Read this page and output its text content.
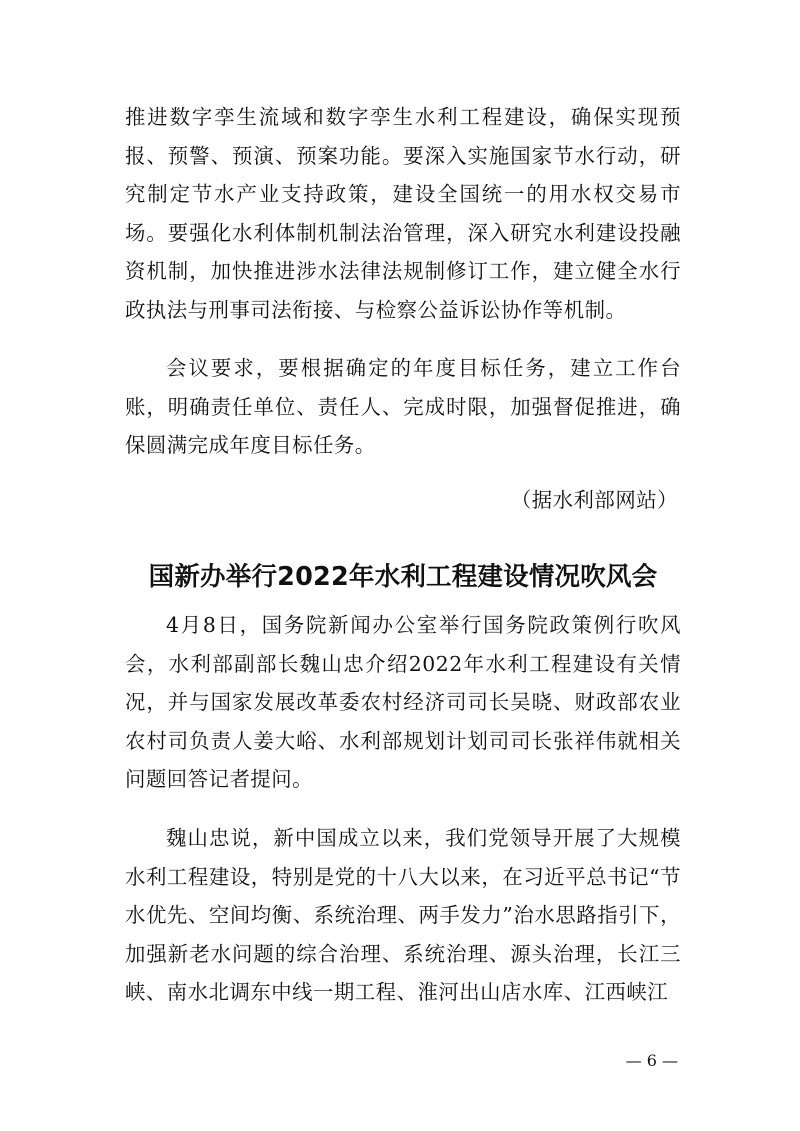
推进数字孪生流域和数字孪生水利工程建设，确保实现预报、预警、预演、预案功能。要深入实施国家节水行动，研究制定节水产业支持政策，建设全国统一的用水权交易市场。要强化水利体制机制法治管理，深入研究水利建设投融资机制，加快推进涉水法律法规制修订工作，建立健全水行政执法与刑事司法衔接、与检察公益诉讼协作等机制。

会议要求，要根据确定的年度目标任务，建立工作台账，明确责任单位、责任人、完成时限，加强督促推进，确保圆满完成年度目标任务。

（据水利部网站）

国新办举行2022年水利工程建设情况吹风会

4月8日，国务院新闻办公室举行国务院政策例行吹风会，水利部副部长魏山忠介绍2022年水利工程建设有关情况，并与国家发展改革委农村经济司司长吴晓、财政部农业农村司负责人姜大峪、水利部规划计划司司长张祥伟就相关问题回答记者提问。

魏山忠说，新中国成立以来，我们党领导开展了大规模水利工程建设，特别是党的十八大以来，在习近平总书记“节水优先、空间均衡、系统治理、两手发力”治水思路指引下，加强新老水问题的综合治理、系统治理、源头治理，长江三峡、南水北调东中线一期工程、淮河出山店水库、江西峡江

— 6 —
